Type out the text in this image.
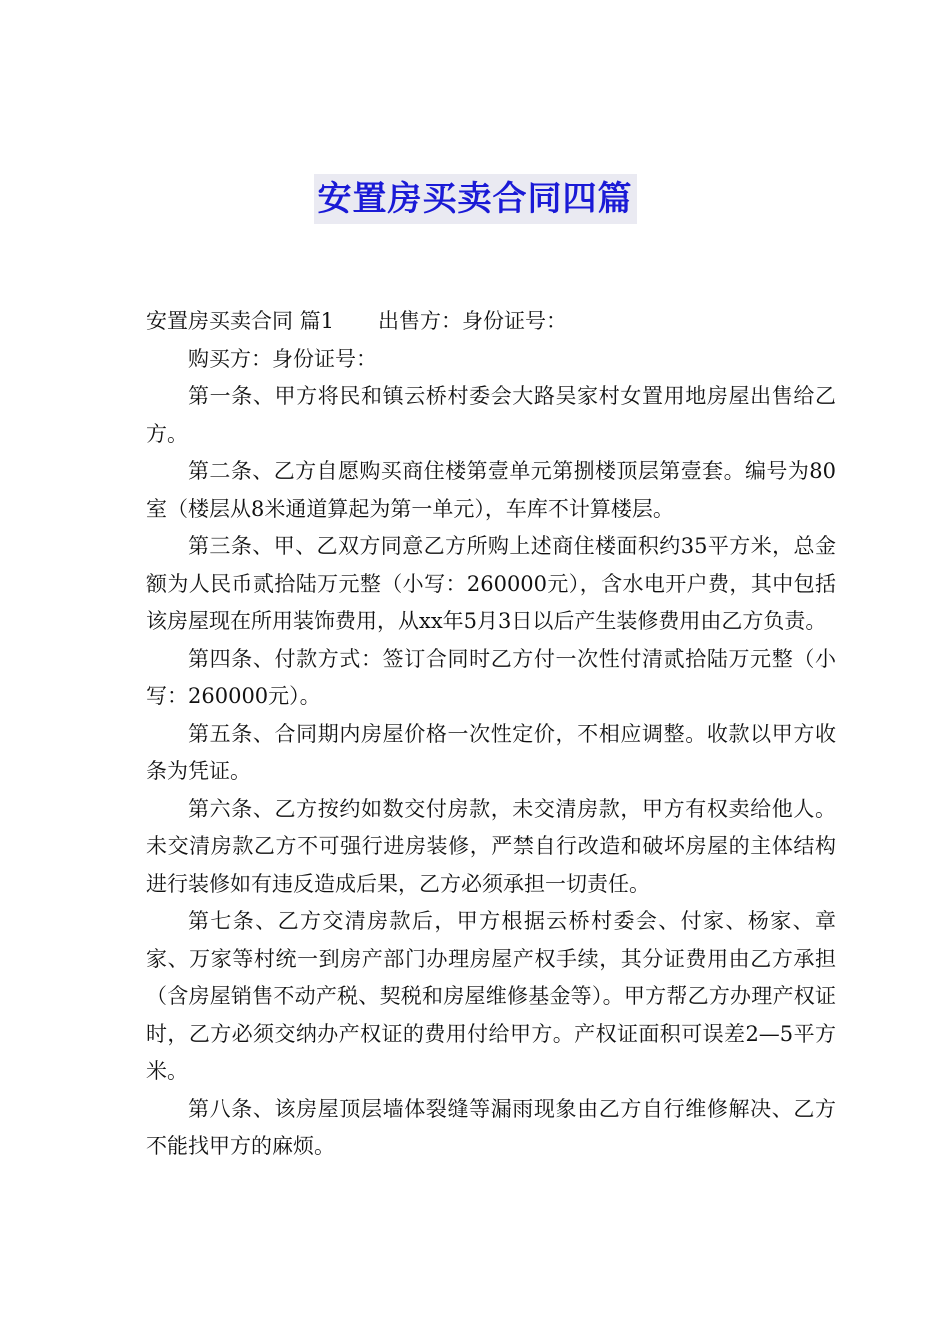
安置房买卖合同四篇

安置房买卖合同 篇1 出售方：身份证号：

购买方：身份证号：

第一条、甲方将民和镇云桥村委会大路吴家村女置用地房屋出售给乙方。

第二条、乙方自愿购买商住楼第壹单元第捌楼顶层第壹套。编号为80室（楼层从8米通道算起为第一单元），车库不计算楼层。

第三条、甲、乙双方同意乙方所购上述商住楼面积约35平方米，总金额为人民币贰拾陆万元整（小写：260000元），含水电开户费，其中包括该房屋现在所用装饰费用，从xx年5月3日以后产生装修费用由乙方负责。

第四条、付款方式：签订合同时乙方付一次性付清贰拾陆万元整（小写：260000元）。

第五条、合同期内房屋价格一次性定价，不相应调整。收款以甲方收条为凭证。

第六条、乙方按约如数交付房款，未交清房款，甲方有权卖给他人。未交清房款乙方不可强行进房装修，严禁自行改造和破坏房屋的主体结构进行装修如有违反造成后果，乙方必须承担一切责任。

第七条、乙方交清房款后，甲方根据云桥村委会、付家、杨家、章家、万家等村统一到房产部门办理房屋产权手续，其分证费用由乙方承担（含房屋销售不动产税、契税和房屋维修基金等）。甲方帮乙方办理产权证时，乙方必须交纳办产权证的费用付给甲方。产权证面积可误差2—5平方米。

第八条、该房屋顶层墙体裂缝等漏雨现象由乙方自行维修解决、乙方不能找甲方的麻烦。
